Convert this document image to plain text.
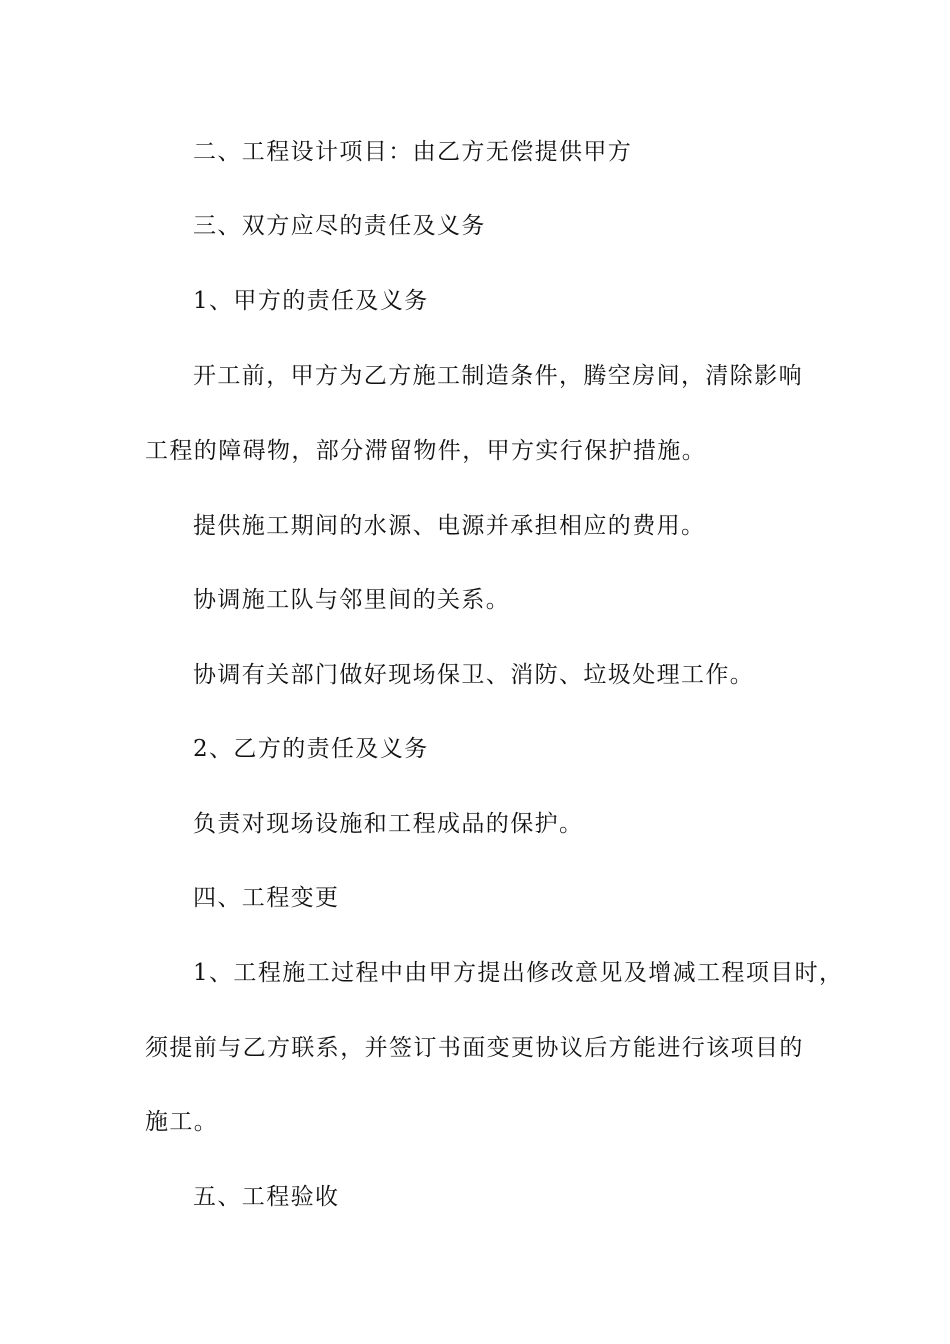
二、工程设计项目：由乙方无偿提供甲方
三、双方应尽的责任及义务
1、甲方的责任及义务
开工前，甲方为乙方施工制造条件，腾空房间，清除影响
工程的障碍物，部分滞留物件，甲方实行保护措施。
提供施工期间的水源、电源并承担相应的费用。
协调施工队与邻里间的关系。
协调有关部门做好现场保卫、消防、垃圾处理工作。
2、乙方的责任及义务
负责对现场设施和工程成品的保护。
四、工程变更
1、工程施工过程中由甲方提出修改意见及增减工程项目时，
须提前与乙方联系，并签订书面变更协议后方能进行该项目的
施工。
五、工程验收
